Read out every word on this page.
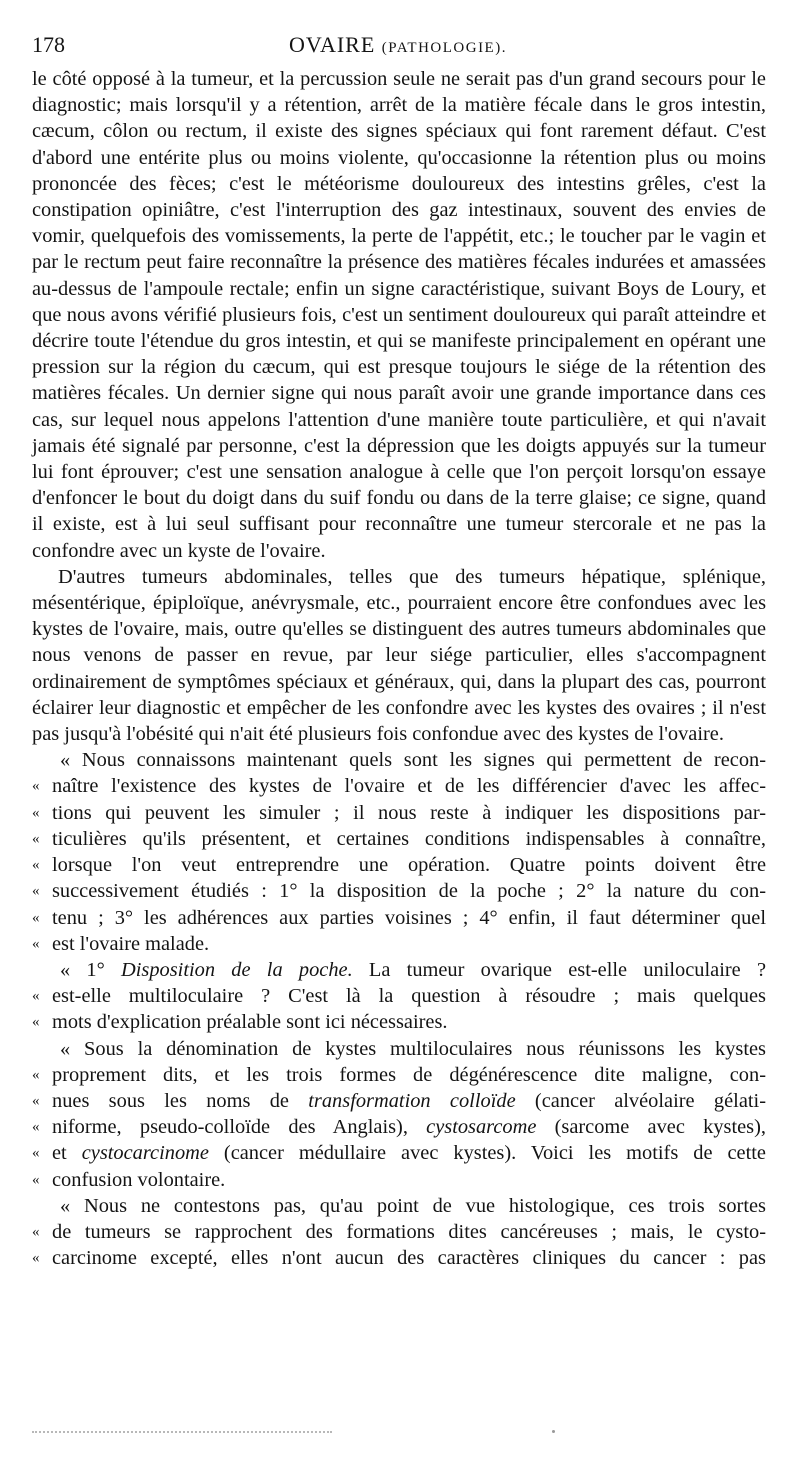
178	OVAIRE (PATHOLOGIE).

le côté opposé à la tumeur, et la percussion seule ne serait pas d'un grand secours pour le diagnostic; mais lorsqu'il y a rétention, arrêt de la matière fécale dans le gros intestin, cæcum, côlon ou rectum, il existe des signes spéciaux qui font rarement défaut. C'est d'abord une entérite plus ou moins violente, qu'occasionne la rétention plus ou moins prononcée des fèces; c'est le météorisme douloureux des intestins grêles, c'est la constipation opiniâtre, c'est l'interruption des gaz intestinaux, souvent des envies de vomir, quelquefois des vomissements, la perte de l'appétit, etc.; le toucher par le vagin et par le rectum peut faire reconnaître la présence des matières fécales indurées et amassées au-dessus de l'ampoule rectale; enfin un signe caractéristique, suivant Boys de Loury, et que nous avons vérifié plusieurs fois, c'est un sentiment douloureux qui paraît atteindre et décrire toute l'étendue du gros intestin, et qui se manifeste principalement en opérant une pression sur la région du cæcum, qui est presque toujours le siége de la rétention des matières fécales. Un dernier signe qui nous paraît avoir une grande importance dans ces cas, sur lequel nous appelons l'attention d'une manière toute particulière, et qui n'avait jamais été signalé par personne, c'est la dépression que les doigts appuyés sur la tumeur lui font éprouver; c'est une sensation analogue à celle que l'on perçoit lorsqu'on essaye d'enfoncer le bout du doigt dans du suif fondu ou dans de la terre glaise; ce signe, quand il existe, est à lui seul suffisant pour reconnaître une tumeur stercorale et ne pas la confondre avec un kyste de l'ovaire.

D'autres tumeurs abdominales, telles que des tumeurs hépatique, splénique, mésentérique, épiploïque, anévrysmale, etc., pourraient encore être confondues avec les kystes de l'ovaire, mais, outre qu'elles se distinguent des autres tumeurs abdominales que nous venons de passer en revue, par leur siége particulier, elles s'accompagnent ordinairement de symptômes spéciaux et généraux, qui, dans la plupart des cas, pourront éclairer leur diagnostic et empêcher de les confondre avec les kystes des ovaires ; il n'est pas jusqu'à l'obésité qui n'ait été plusieurs fois confondue avec des kystes de l'ovaire.

« Nous connaissons maintenant quels sont les signes qui permettent de recon-

« naître l'existence des kystes de l'ovaire et de les différencier d'avec les affec-

« tions qui peuvent les simuler ; il nous reste à indiquer les dispositions par-

« ticulières qu'ils présentent, et certaines conditions indispensables à connaître,

« lorsque l'on veut entreprendre une opération. Quatre points doivent être

« successivement étudiés : 1° la disposition de la poche ; 2° la nature du con-

« tenu ; 3° les adhérences aux parties voisines ; 4° enfin, il faut déterminer quel

« est l'ovaire malade.

« 1° Disposition de la poche. La tumeur ovarique est-elle uniloculaire ?

« est-elle multiloculaire ? C'est là la question à résoudre ; mais quelques

« mots d'explication préalable sont ici nécessaires.

« Sous la dénomination de kystes multiloculaires nous réunissons les kystes

« proprement dits, et les trois formes de dégénérescence dite maligne, con-

« nues sous les noms de transformation colloïde (cancer alvéolaire gélati-

« niforme, pseudo-colloïde des Anglais), cystosarcome (sarcome avec kystes),

« et cystocarcinome (cancer médullaire avec kystes). Voici les motifs de cette

« confusion volontaire.

« Nous ne contestons pas, qu'au point de vue histologique, ces trois sortes

« de tumeurs se rapprochent des formations dites cancéreuses ; mais, le cysto-

« carcinome excepté, elles n'ont aucun des caractères cliniques du cancer : pas
